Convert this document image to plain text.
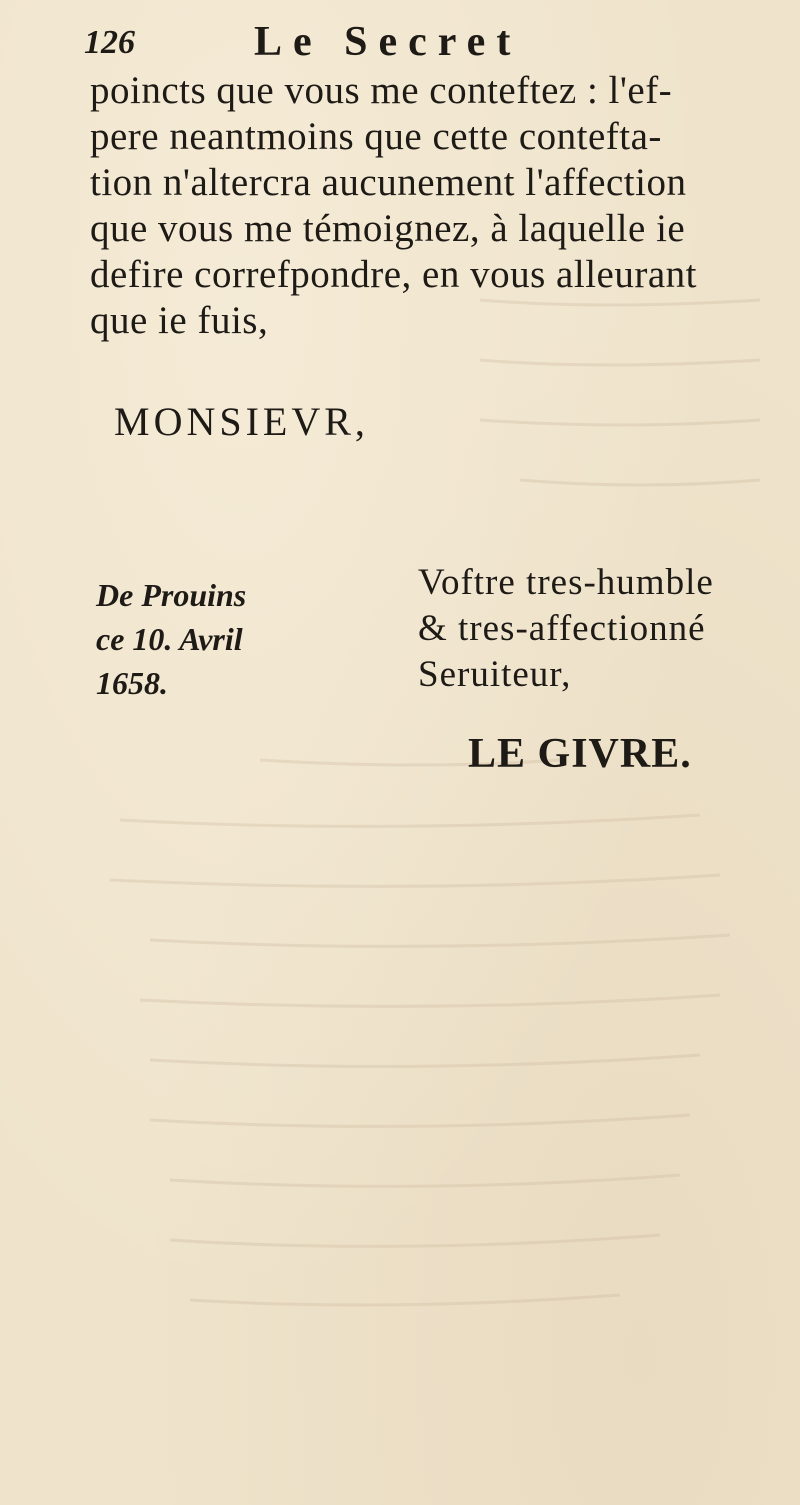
126	Le Secret
poincts que vous me conteftez : l'ef-
pere neantmoins que cette contefta-
tion n'altercra aucunement l'affection
que vous me témoignez, à laquelle ie
defire correfpondre, en vous alleurant
que ie fuis,
MONSIEVR,
De Prouins
ce 10. Avril
1658.
Voftre tres-humble
& tres-affectionné
Seruiteur,
LE GIVRE.
